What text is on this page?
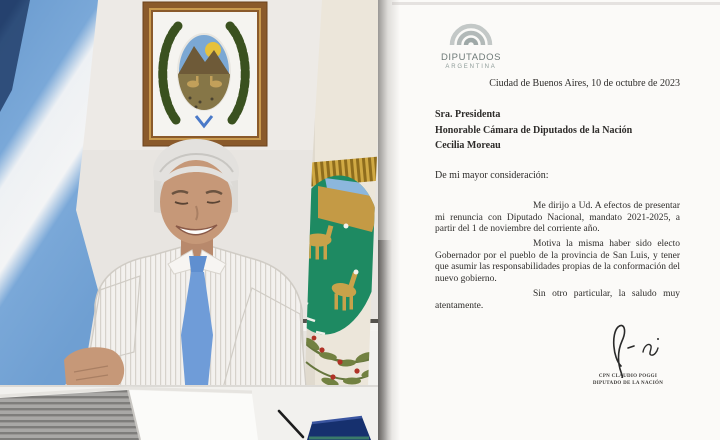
DIPUTADOS
ARGENTINA
Ciudad de Buenos Aires, 10 de octubre de 2023
Sra. Presidenta
Honorable Cámara de Diputados de la Nación
Cecilia Moreau
De mi mayor consideración:

Me dirijo a Ud. A efectos de presentar mi renuncia con Diputado Nacional, mandato 2021-2025, a partir del 1 de noviembre del corriente año.

Motiva la misma haber sido electo Gobernador por el pueblo de la provincia de San Luis, y tener que asumir las responsabilidades propias de la conformación del nuevo gobierno.

Sin otro particular, la saludo muy atentamente.

CPN CLAUDIO POGGI
DIPUTADO DE LA NACIÓN
